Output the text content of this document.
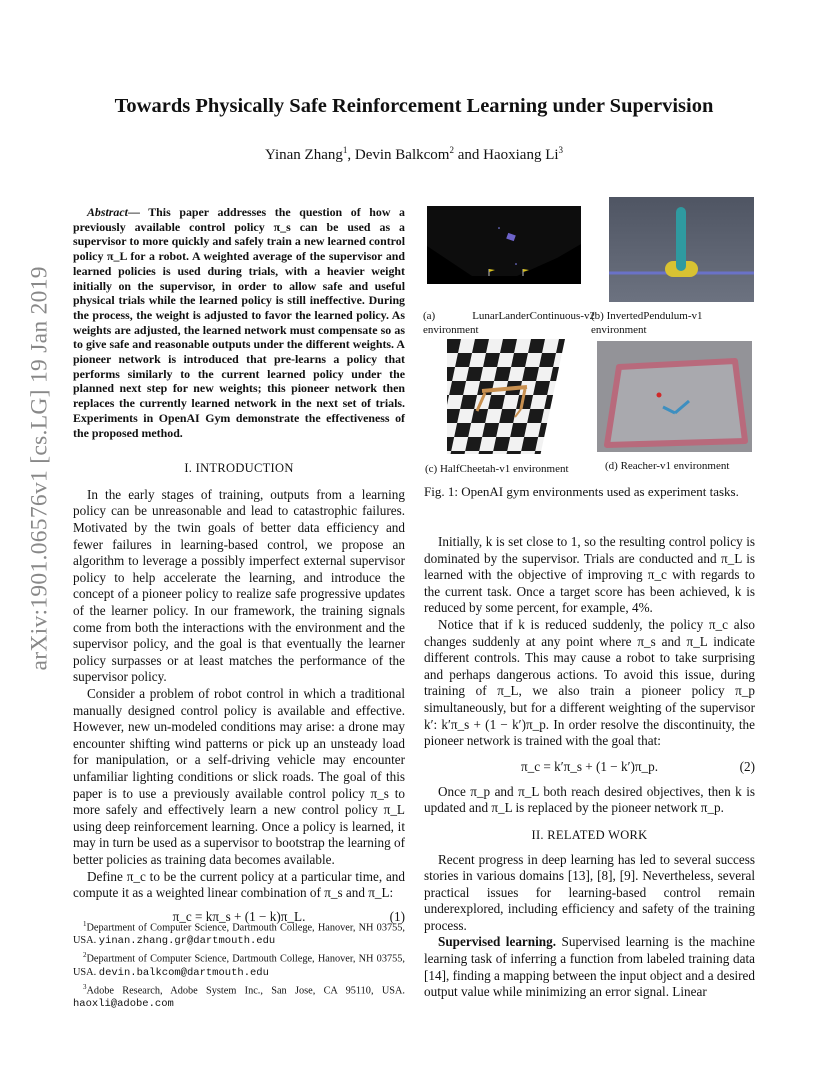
Towards Physically Safe Reinforcement Learning under Supervision
Yinan Zhang$^1$, Devin Balkcom$^2$ and Haoxiang Li$^3$
arXiv:1901.06576v1 [cs.LG] 19 Jan 2019

Abstract— This paper addresses the question of how a previously available control policy π_s can be used as a supervisor to more quickly and safely train a new learned control policy π_L for a robot. A weighted average of the supervisor and learned policies is used during trials, with a heavier weight initially on the supervisor, in order to allow safe and useful physical trials while the learned policy is still ineffective. During the process, the weight is adjusted to favor the learned policy. As weights are adjusted, the learned network must compensate so as to give safe and reasonable outputs under the different weights. A pioneer network is introduced that pre-learns a policy that performs similarly to the current learned policy under the planned next step for new weights; this pioneer network then replaces the currently learned network in the next set of trials. Experiments in OpenAI Gym demonstrate the effectiveness of the proposed method.

I. INTRODUCTION

In the early stages of training, outputs from a learning policy can be unreasonable and lead to catastrophic failures. Motivated by the twin goals of better data efficiency and fewer failures in learning-based control, we propose an algorithm to leverage a possibly imperfect external supervisor policy to help accelerate the learning, and introduce the concept of a pioneer policy to realize safe progressive updates of the learner policy. In our framework, the training signals come from both the interactions with the environment and the supervisor policy, and the goal is that eventually the learner policy surpasses or at least matches the performance of the supervisor policy.

Consider a problem of robot control in which a traditional manually designed control policy is available and effective. However, new un-modeled conditions may arise: a drone may encounter shifting wind patterns or pick up an unsteady load for manipulation, or a self-driving vehicle may encounter unfamiliar lighting conditions or slick roads. The goal of this paper is to use a previously available control policy π_s to more safely and effectively learn a new control policy π_L using deep reinforcement learning. Once a policy is learned, it may in turn be used as a supervisor to bootstrap the learning of better policies as training data becomes available.

Define π_c to be the current policy at a particular time, and compute it as a weighted linear combination of π_s and π_L:

π_c = kπ_s + (1 − k)π_L.	(1)

$^1$Department of Computer Science, Dartmouth College, Hanover, NH 03755, USA. yinan.zhang.gr@dartmouth.edu

$^2$Department of Computer Science, Dartmouth College, Hanover, NH 03755, USA. devin.balkcom@dartmouth.edu

$^3$Adobe Research, Adobe System Inc., San Jose, CA 95110, USA. haoxli@adobe.com

(a) LunarLanderContinuous-v2 environment
(b) InvertedPendulum-v1 environment
(c) HalfCheetah-v1 environment	(d) Reacher-v1 environment
Fig. 1: OpenAI gym environments used as experiment tasks.

Initially, k is set close to 1, so the resulting control policy is dominated by the supervisor. Trials are conducted and π_L is learned with the objective of improving π_c with regards to the current task. Once a target score has been achieved, k is reduced by some percent, for example, 4%.

Notice that if k is reduced suddenly, the policy π_c also changes suddenly at any point where π_s and π_L indicate different controls. This may cause a robot to take surprising and perhaps dangerous actions. To avoid this issue, during training of π_L, we also train a pioneer policy π_p simultaneously, but for a different weighting of the supervisor k′: k′π_s + (1 − k′)π_p. In order resolve the discontinuity, the pioneer network is trained with the goal that:

π_c = k′π_s + (1 − k′)π_p.	(2)

Once π_p and π_L both reach desired objectives, then k is updated and π_L is replaced by the pioneer network π_p.

II. RELATED WORK

Recent progress in deep learning has led to several success stories in various domains [13], [8], [9]. Nevertheless, several practical issues for learning-based control remain underexplored, including efficiency and safety of the training process.

Supervised learning. Supervised learning is the machine learning task of inferring a function from labeled training data [14], finding a mapping between the input object and a desired output value while minimizing an error signal. Linear
